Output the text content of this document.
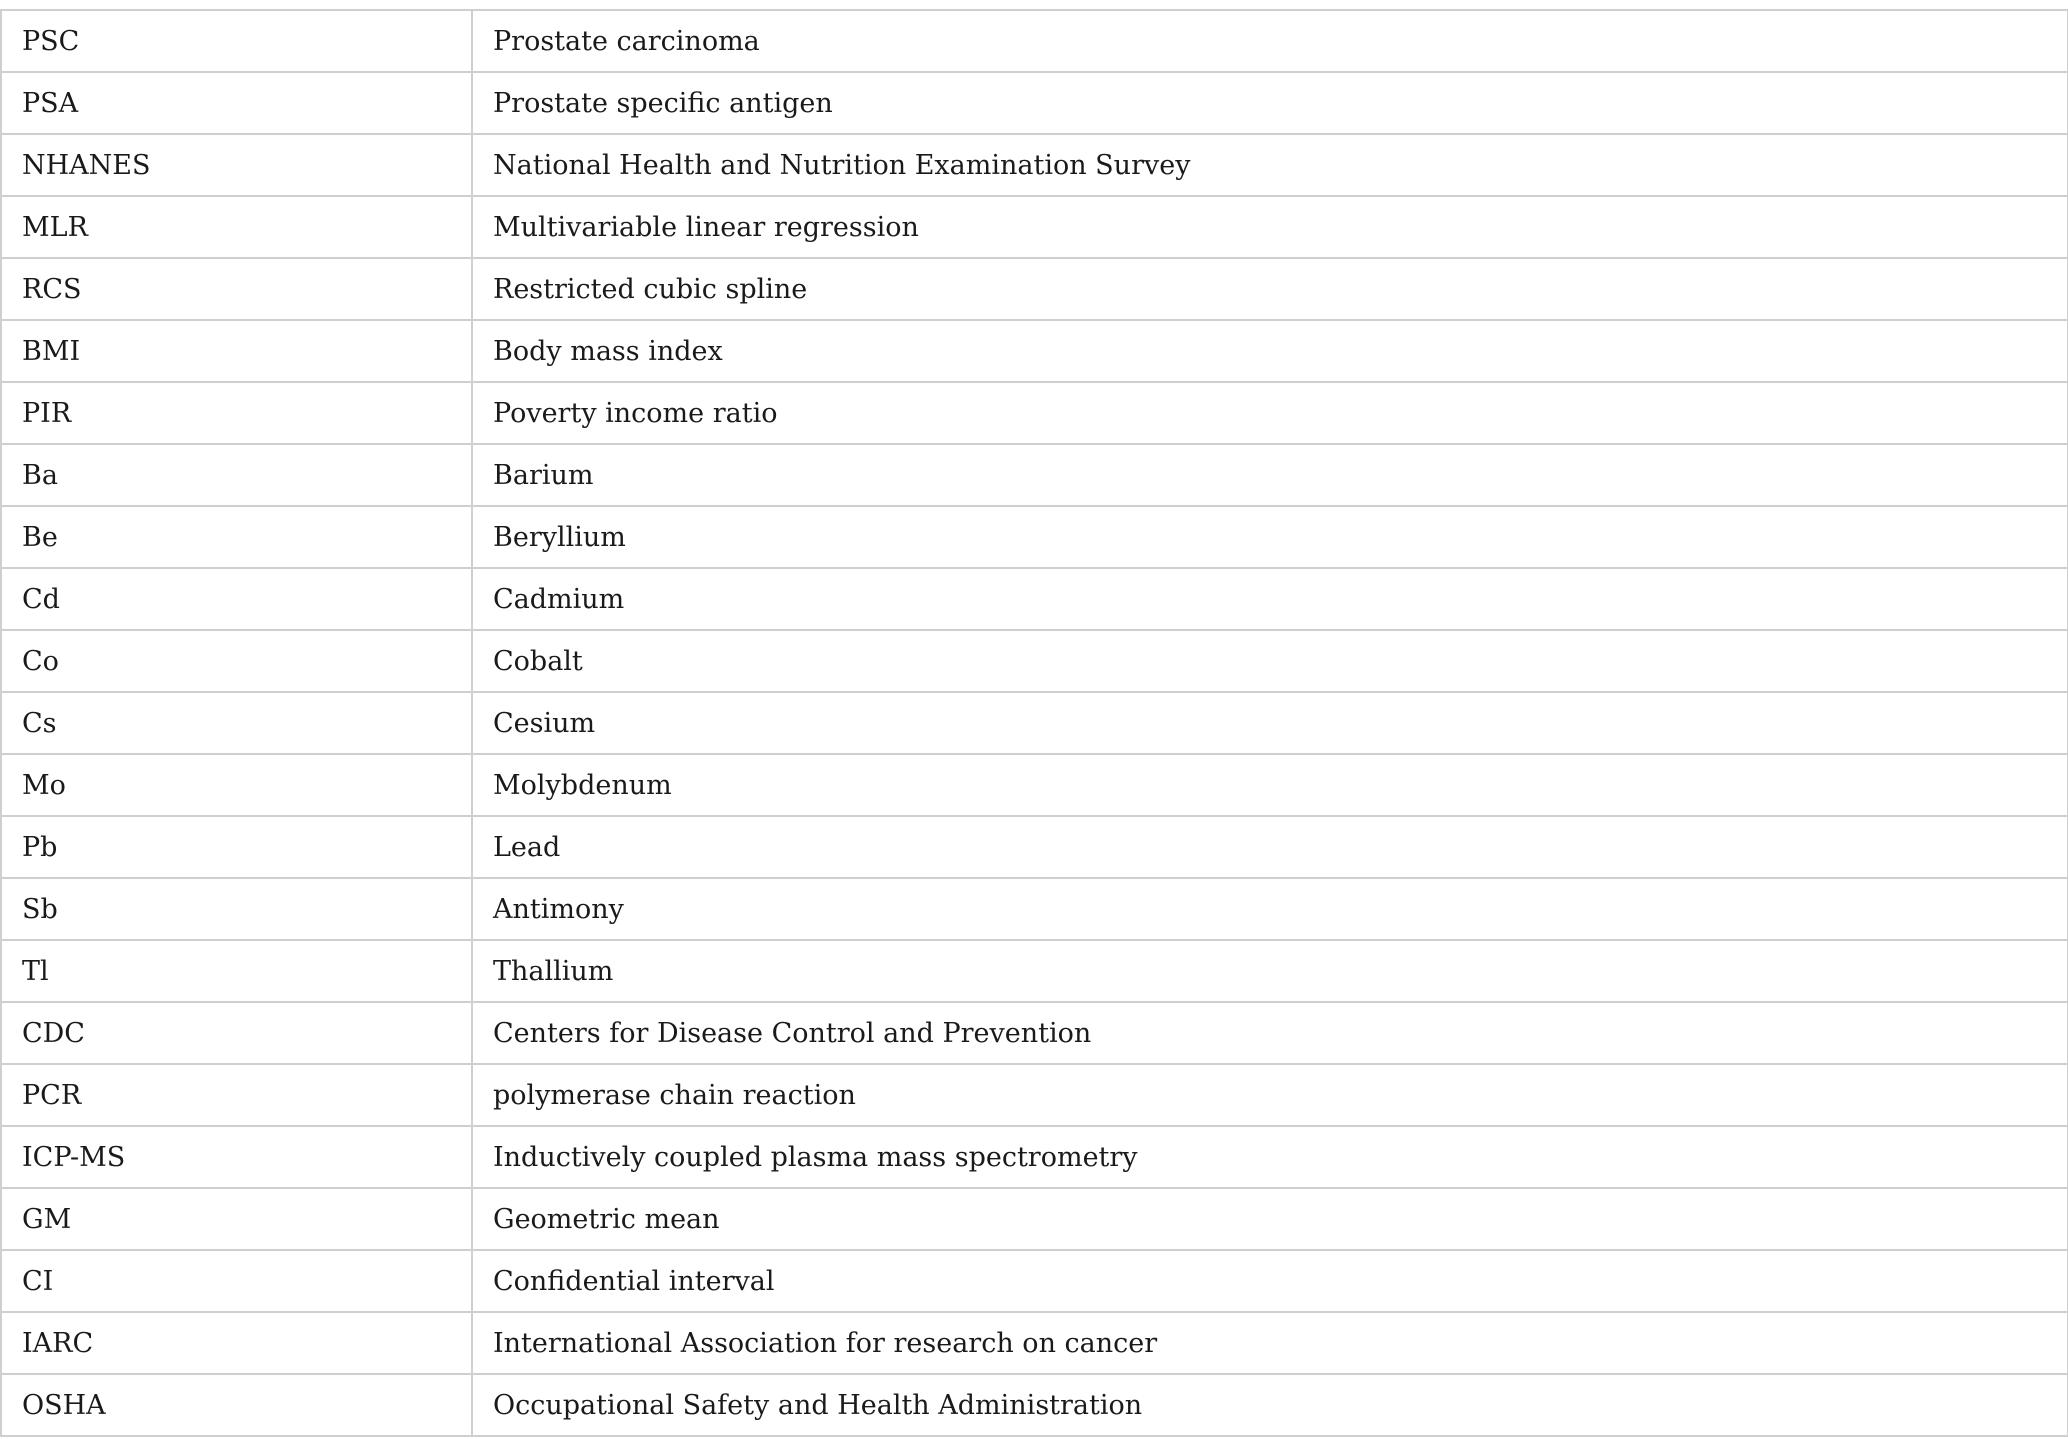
PSC	Prostate carcinoma
PSA	Prostate specific antigen
NHANES	National Health and Nutrition Examination Survey
MLR	Multivariable linear regression
RCS	Restricted cubic spline
BMI	Body mass index
PIR	Poverty income ratio
Ba	Barium
Be	Beryllium
Cd	Cadmium
Co	Cobalt
Cs	Cesium
Mo	Molybdenum
Pb	Lead
Sb	Antimony
Tl	Thallium
CDC	Centers for Disease Control and Prevention
PCR	polymerase chain reaction
ICP-MS	Inductively coupled plasma mass spectrometry
GM	Geometric mean
CI	Confidential interval
IARC	International Association for research on cancer
OSHA	Occupational Safety and Health Administration
